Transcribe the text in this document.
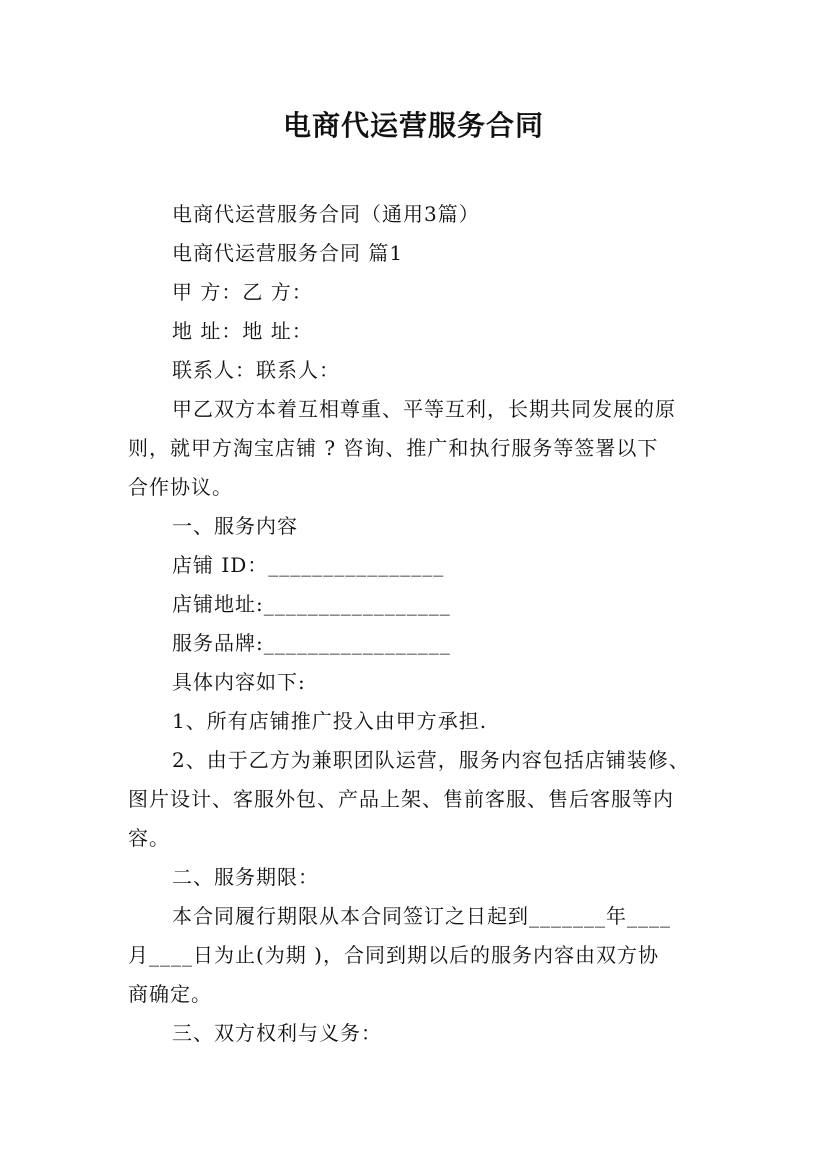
电商代运营服务合同
电商代运营服务合同（通用3篇）
电商代运营服务合同 篇1
甲 方：乙 方：
地 址：地 址：
联系人：联系人：
甲乙双方本着互相尊重、平等互利，长期共同发展的原
则，就甲方淘宝店铺 ? 咨询、推广和执行服务等签署以下
合作协议。
一、服务内容
店铺 ID：________________
店铺地址:_________________
服务品牌:_________________
具体内容如下:
1、所有店铺推广投入由甲方承担.
2、由于乙方为兼职团队运营，服务内容包括店铺装修、
图片设计、客服外包、产品上架、售前客服、售后客服等内
容。
二、服务期限：
本合同履行期限从本合同签订之日起到_______年____
月____日为止(为期 )，合同到期以后的服务内容由双方协
商确定。
三、双方权利与义务：
